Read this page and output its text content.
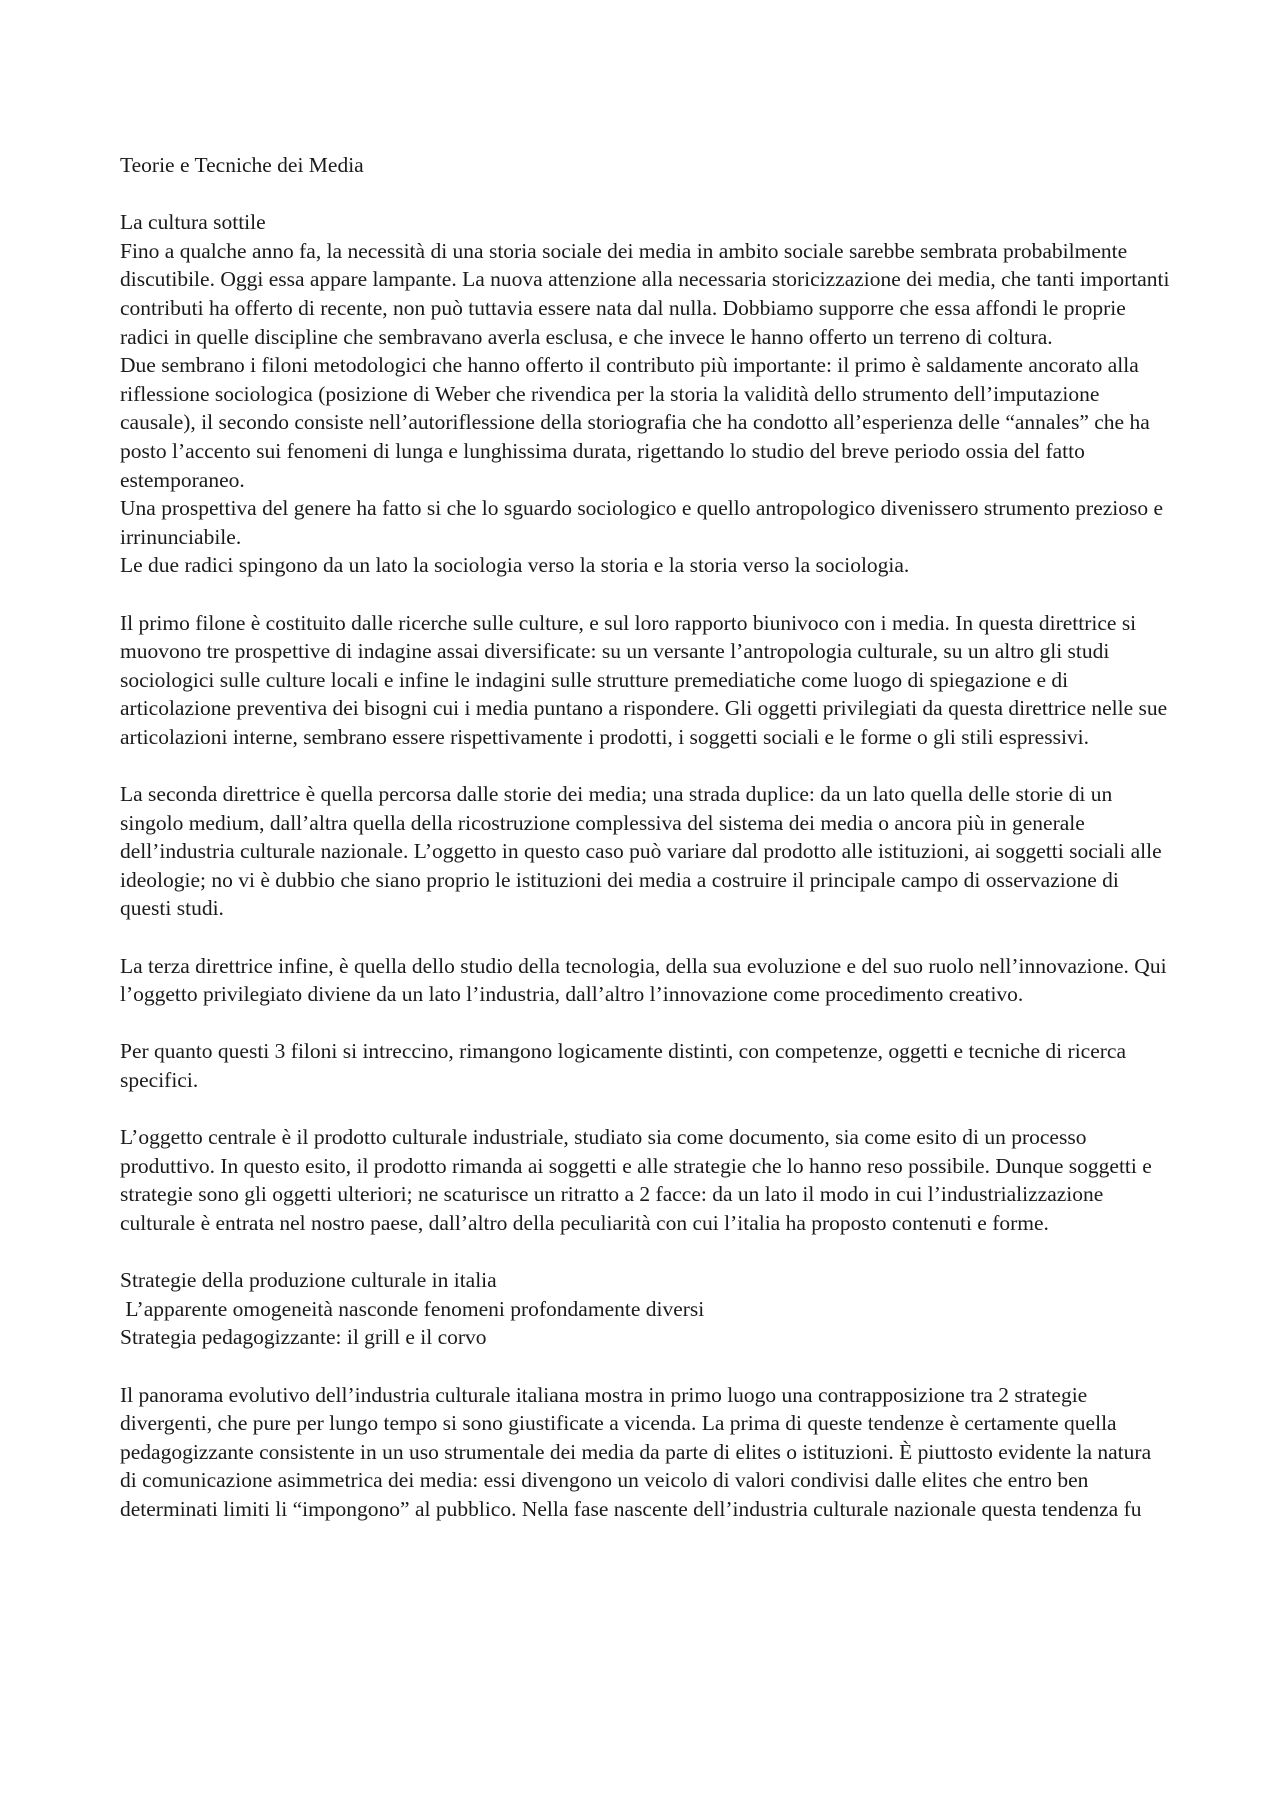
Teorie e Tecniche dei Media

La cultura sottile

Fino a qualche anno fa, la necessità di una storia sociale dei media in ambito sociale sarebbe sembrata probabilmente discutibile. Oggi essa appare lampante. La nuova attenzione alla necessaria storicizzazione dei media, che tanti importanti contributi ha offerto di recente, non può tuttavia essere nata dal nulla. Dobbiamo supporre che essa affondi le proprie radici in quelle discipline che sembravano averla esclusa, e che invece le hanno offerto un terreno di coltura.

Due sembrano i filoni metodologici che hanno offerto il contributo più importante: il primo è saldamente ancorato alla riflessione sociologica (posizione di Weber che rivendica per la storia la validità dello strumento dell’imputazione causale), il secondo consiste nell’autoriflessione della storiografia che ha condotto all’esperienza delle “annales” che ha posto l’accento sui fenomeni di lunga e lunghissima durata, rigettando lo studio del breve periodo ossia del fatto estemporaneo.

Una prospettiva del genere ha fatto si che lo sguardo sociologico e quello antropologico divenissero strumento prezioso e irrinunciabile.

Le due radici spingono da un lato la sociologia verso la storia e la storia verso la sociologia.

Il primo filone è costituito dalle ricerche sulle culture, e sul loro rapporto biunivoco con i media. In questa direttrice si muovono tre prospettive di indagine assai diversificate: su un versante l’antropologia culturale, su un altro gli studi sociologici sulle culture locali e infine le indagini sulle strutture premediatiche come luogo di spiegazione e di articolazione preventiva dei bisogni cui i media puntano a rispondere. Gli oggetti privilegiati da questa direttrice nelle sue articolazioni interne, sembrano essere rispettivamente i prodotti, i soggetti sociali e le forme o gli stili espressivi.

La seconda direttrice è quella percorsa dalle storie dei media; una strada duplice: da un lato quella delle storie di un singolo medium, dall’altra quella della ricostruzione complessiva del sistema dei media o ancora più in generale dell’industria culturale nazionale. L’oggetto in questo caso può variare dal prodotto alle istituzioni, ai soggetti sociali alle ideologie; no vi è dubbio che siano proprio le istituzioni dei media a costruire il principale campo di osservazione di questi studi.

La terza direttrice infine, è quella dello studio della tecnologia, della sua evoluzione e del suo ruolo nell’innovazione. Qui l’oggetto privilegiato diviene da un lato l’industria, dall’altro l’innovazione come procedimento creativo.

Per quanto questi 3 filoni si intreccino, rimangono logicamente distinti, con competenze, oggetti e tecniche di ricerca specifici.

L’oggetto centrale è il prodotto culturale industriale, studiato sia come documento, sia come esito di un processo produttivo. In questo esito, il prodotto rimanda ai soggetti e alle strategie che lo hanno reso possibile. Dunque soggetti e strategie sono gli oggetti ulteriori; ne scaturisce un ritratto a 2 facce: da un lato il modo in cui l’industrializzazione culturale è entrata nel nostro paese, dall’altro della peculiarità con cui l’italia ha proposto contenuti e forme.

Strategie della produzione culturale in italia

L’apparente omogeneità nasconde fenomeni profondamente diversi

Strategia pedagogizzante: il grill e il corvo

Il panorama evolutivo dell’industria culturale italiana mostra in primo luogo una contrapposizione tra 2 strategie divergenti, che pure per lungo tempo si sono giustificate a vicenda. La prima di queste tendenze è certamente quella pedagogizzante consistente in un uso strumentale dei media da parte di elites o istituzioni. È piuttosto evidente la natura di comunicazione asimmetrica dei media: essi divengono un veicolo di valori condivisi dalle elites che entro ben determinati limiti li “impongono” al pubblico. Nella fase nascente dell’industria culturale nazionale questa tendenza fu
